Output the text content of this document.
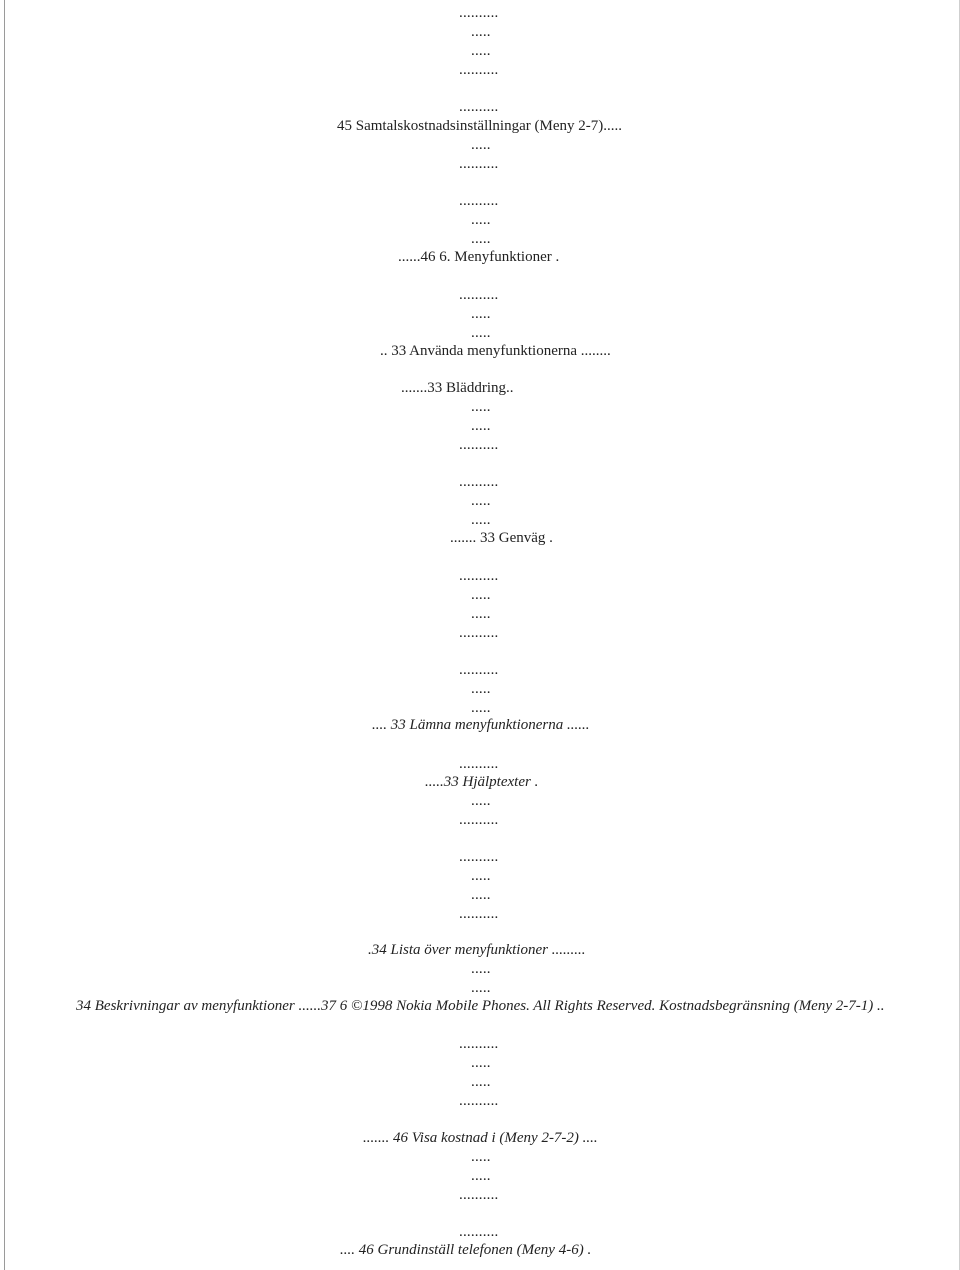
..........
.....
.....
..........
..........
45 Samtalskostnadsinställningar (Meny 2-7).....
.....
..........
..........
.....
.....
......46 6. Menyfunktioner .
..........
.....
.....
.. 33 Använda menyfunktionerna ........
.......33 Bläddring..
.....
.....
..........
..........
.....
.....
....... 33 Genväg .
..........
.....
.....
..........
..........
.....
.....
.... 33 Lämna menyfunktionerna ......
..........
.....33 Hjälptexter .
.....
..........
..........
.....
.....
..........
.34 Lista över menyfunktioner .........
.....
.....
34 Beskrivningar av menyfunktioner ......37 6 ©1998 Nokia Mobile Phones. All Rights Reserved. Kostnadsbegränsning (Meny 2-7-1) ..
..........
.....
.....
..........
....... 46 Visa kostnad i (Meny 2-7-2) ....
.....
.....
..........
..........
.... 46 Grundinställ telefonen (Meny 4-6) .
